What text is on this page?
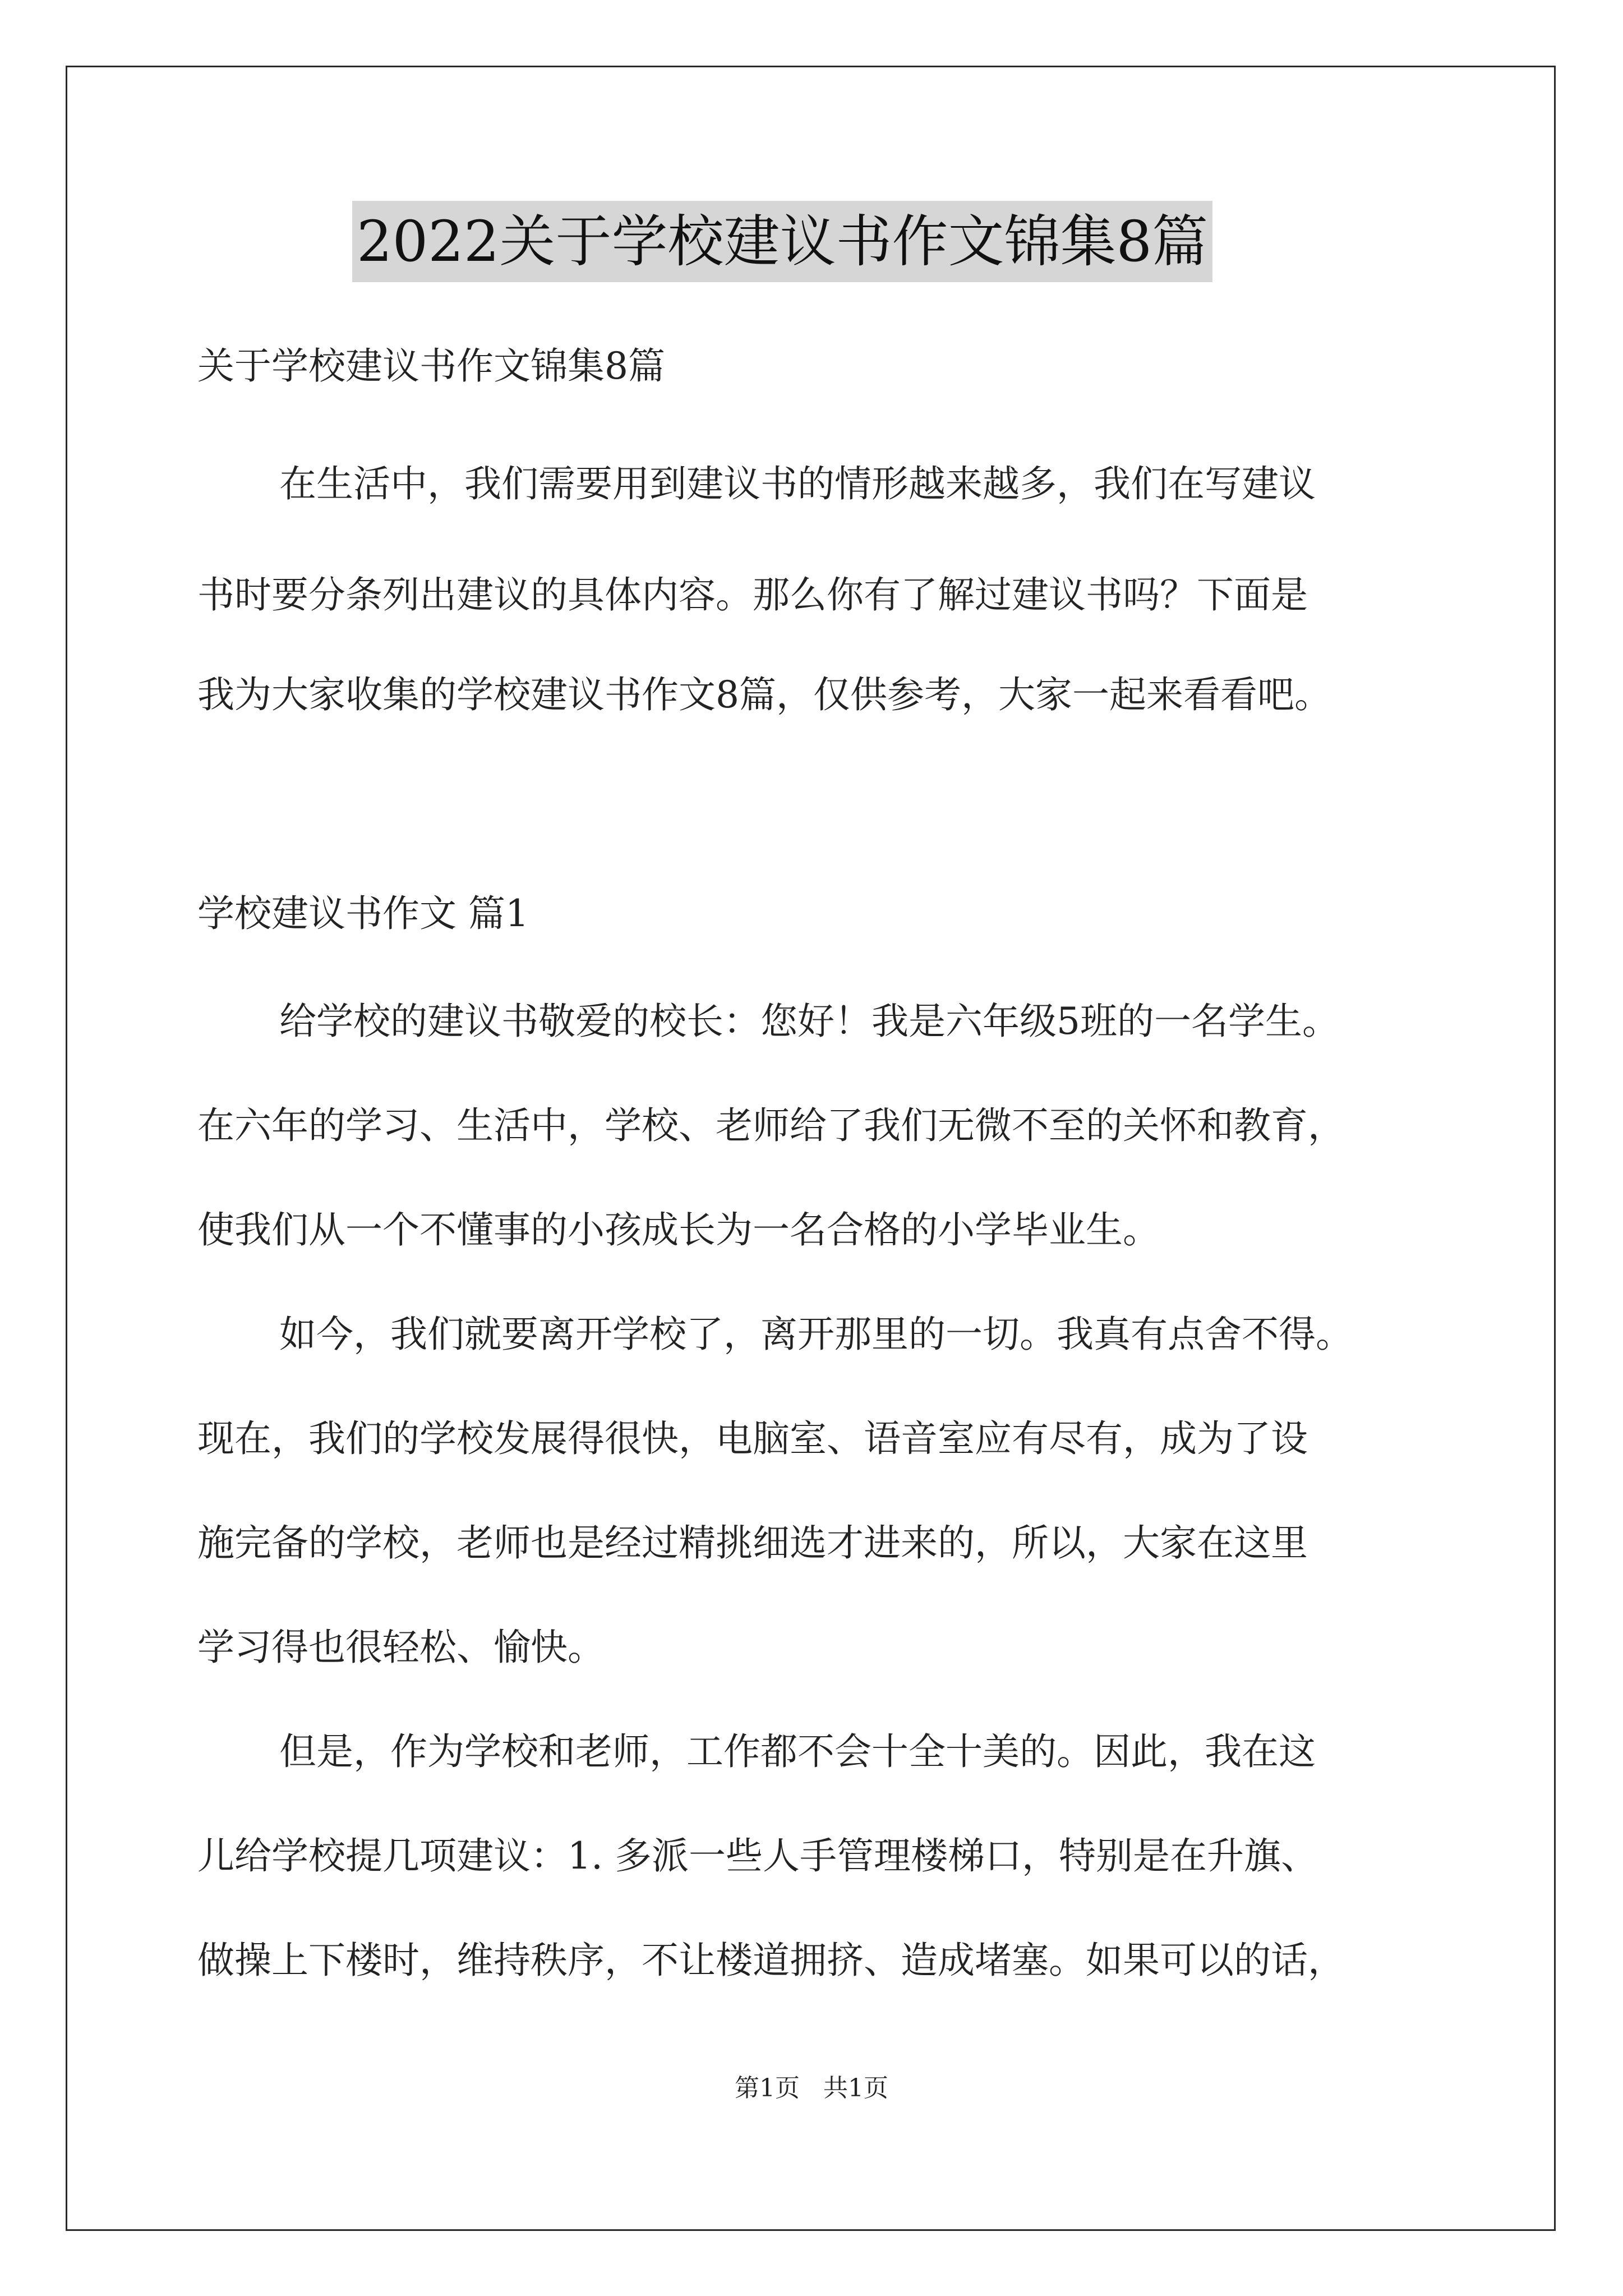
2022关于学校建议书作文锦集8篇
关于学校建议书作文锦集8篇
在生活中，我们需要用到建议书的情形越来越多，我们在写建议
书时要分条列出建议的具体内容。那么你有了解过建议书吗？下面是
我为大家收集的学校建议书作文8篇，仅供参考，大家一起来看看吧。
学校建议书作文 篇1
给学校的建议书敬爱的校长：您好！我是六年级5班的一名学生。
在六年的学习、生活中，学校、老师给了我们无微不至的关怀和教育，
使我们从一个不懂事的小孩成长为一名合格的小学毕业生。
如今，我们就要离开学校了，离开那里的一切。我真有点舍不得。
现在，我们的学校发展得很快，电脑室、语音室应有尽有，成为了设
施完备的学校，老师也是经过精挑细选才进来的，所以，大家在这里
学习得也很轻松、愉快。
但是，作为学校和老师，工作都不会十全十美的。因此，我在这
儿给学校提几项建议：1. 多派一些人手管理楼梯口，特别是在升旗、
做操上下楼时，维持秩序，不让楼道拥挤、造成堵塞。如果可以的话，
第1页   共1页
